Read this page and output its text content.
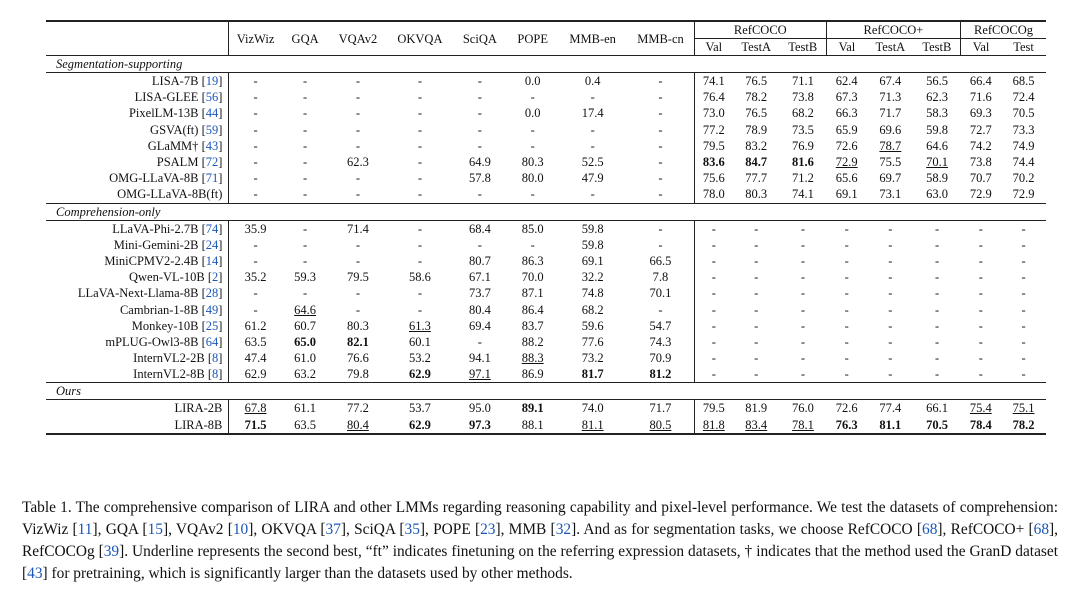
	VizWiz	GQA	VQAv2	OKVQA	SciQA	POPE	MMB-en	MMB-cn	RefCOCO			RefCOCO+			RefCOCOg	
									Val	TestA	TestB	Val	TestA	TestB	Val	Test
Segmentation-supporting																
LISA-7B [19]	-	-	-	-	-	0.0	0.4	-	74.1	76.5	71.1	62.4	67.4	56.5	66.4	68.5
LISA-GLEE [56]	-	-	-	-	-	-	-	-	76.4	78.2	73.8	67.3	71.3	62.3	71.6	72.4
PixelLM-13B [44]	-	-	-	-	-	0.0	17.4	-	73.0	76.5	68.2	66.3	71.7	58.3	69.3	70.5
GSVA(ft) [59]	-	-	-	-	-	-	-	-	77.2	78.9	73.5	65.9	69.6	59.8	72.7	73.3
GLaMM† [43]	-	-	-	-	-	-	-	-	79.5	83.2	76.9	72.6	78.7	64.6	74.2	74.9
PSALM [72]	-	-	62.3	-	64.9	80.3	52.5	-	83.6	84.7	81.6	72.9	75.5	70.1	73.8	74.4
OMG-LLaVA-8B [71]	-	-	-	-	57.8	80.0	47.9	-	75.6	77.7	71.2	65.6	69.7	58.9	70.7	70.2
OMG-LLaVA-8B(ft)	-	-	-	-	-	-	-	-	78.0	80.3	74.1	69.1	73.1	63.0	72.9	72.9
Comprehension-only																
LLaVA-Phi-2.7B [74]	35.9	-	71.4	-	68.4	85.0	59.8	-	-	-	-	-	-	-	-	-
Mini-Gemini-2B [24]	-	-	-	-	-	-	59.8	-	-	-	-	-	-	-	-	-
MiniCPMV2-2.4B [14]	-	-	-	-	80.7	86.3	69.1	66.5	-	-	-	-	-	-	-	-
Qwen-VL-10B [2]	35.2	59.3	79.5	58.6	67.1	70.0	32.2	7.8	-	-	-	-	-	-	-	-
LLaVA-Next-Llama-8B [28]	-	-	-	-	73.7	87.1	74.8	70.1	-	-	-	-	-	-	-	-
Cambrian-1-8B [49]	-	64.6	-	-	80.4	86.4	68.2	-	-	-	-	-	-	-	-	-
Monkey-10B [25]	61.2	60.7	80.3	61.3	69.4	83.7	59.6	54.7	-	-	-	-	-	-	-	-
mPLUG-Owl3-8B [64]	63.5	65.0	82.1	60.1	-	88.2	77.6	74.3	-	-	-	-	-	-	-	-
InternVL2-2B [8]	47.4	61.0	76.6	53.2	94.1	88.3	73.2	70.9	-	-	-	-	-	-	-	-
InternVL2-8B [8]	62.9	63.2	79.8	62.9	97.1	86.9	81.7	81.2	-	-	-	-	-	-	-	-
Ours																
LIRA-2B	67.8	61.1	77.2	53.7	95.0	89.1	74.0	71.7	79.5	81.9	76.0	72.6	77.4	66.1	75.4	75.1
LIRA-8B	71.5	63.5	80.4	62.9	97.3	88.1	81.1	80.5	81.8	83.4	78.1	76.3	81.1	70.5	78.4	78.2

Table 1. The comprehensive comparison of LIRA and other LMMs regarding reasoning capability and pixel-level performance. We test the datasets of comprehension: VizWiz [11], GQA [15], VQAv2 [10], OKVQA [37], SciQA [35], POPE [23], MMB [32]. And as for segmentation tasks, we choose RefCOCO [68], RefCOCO+ [68], RefCOCOg [39]. Underline represents the second best, “ft” indicates finetuning on the referring expression datasets, † indicates that the method used the GranD dataset [43] for pretraining, which is significantly larger than the datasets used by other methods.
